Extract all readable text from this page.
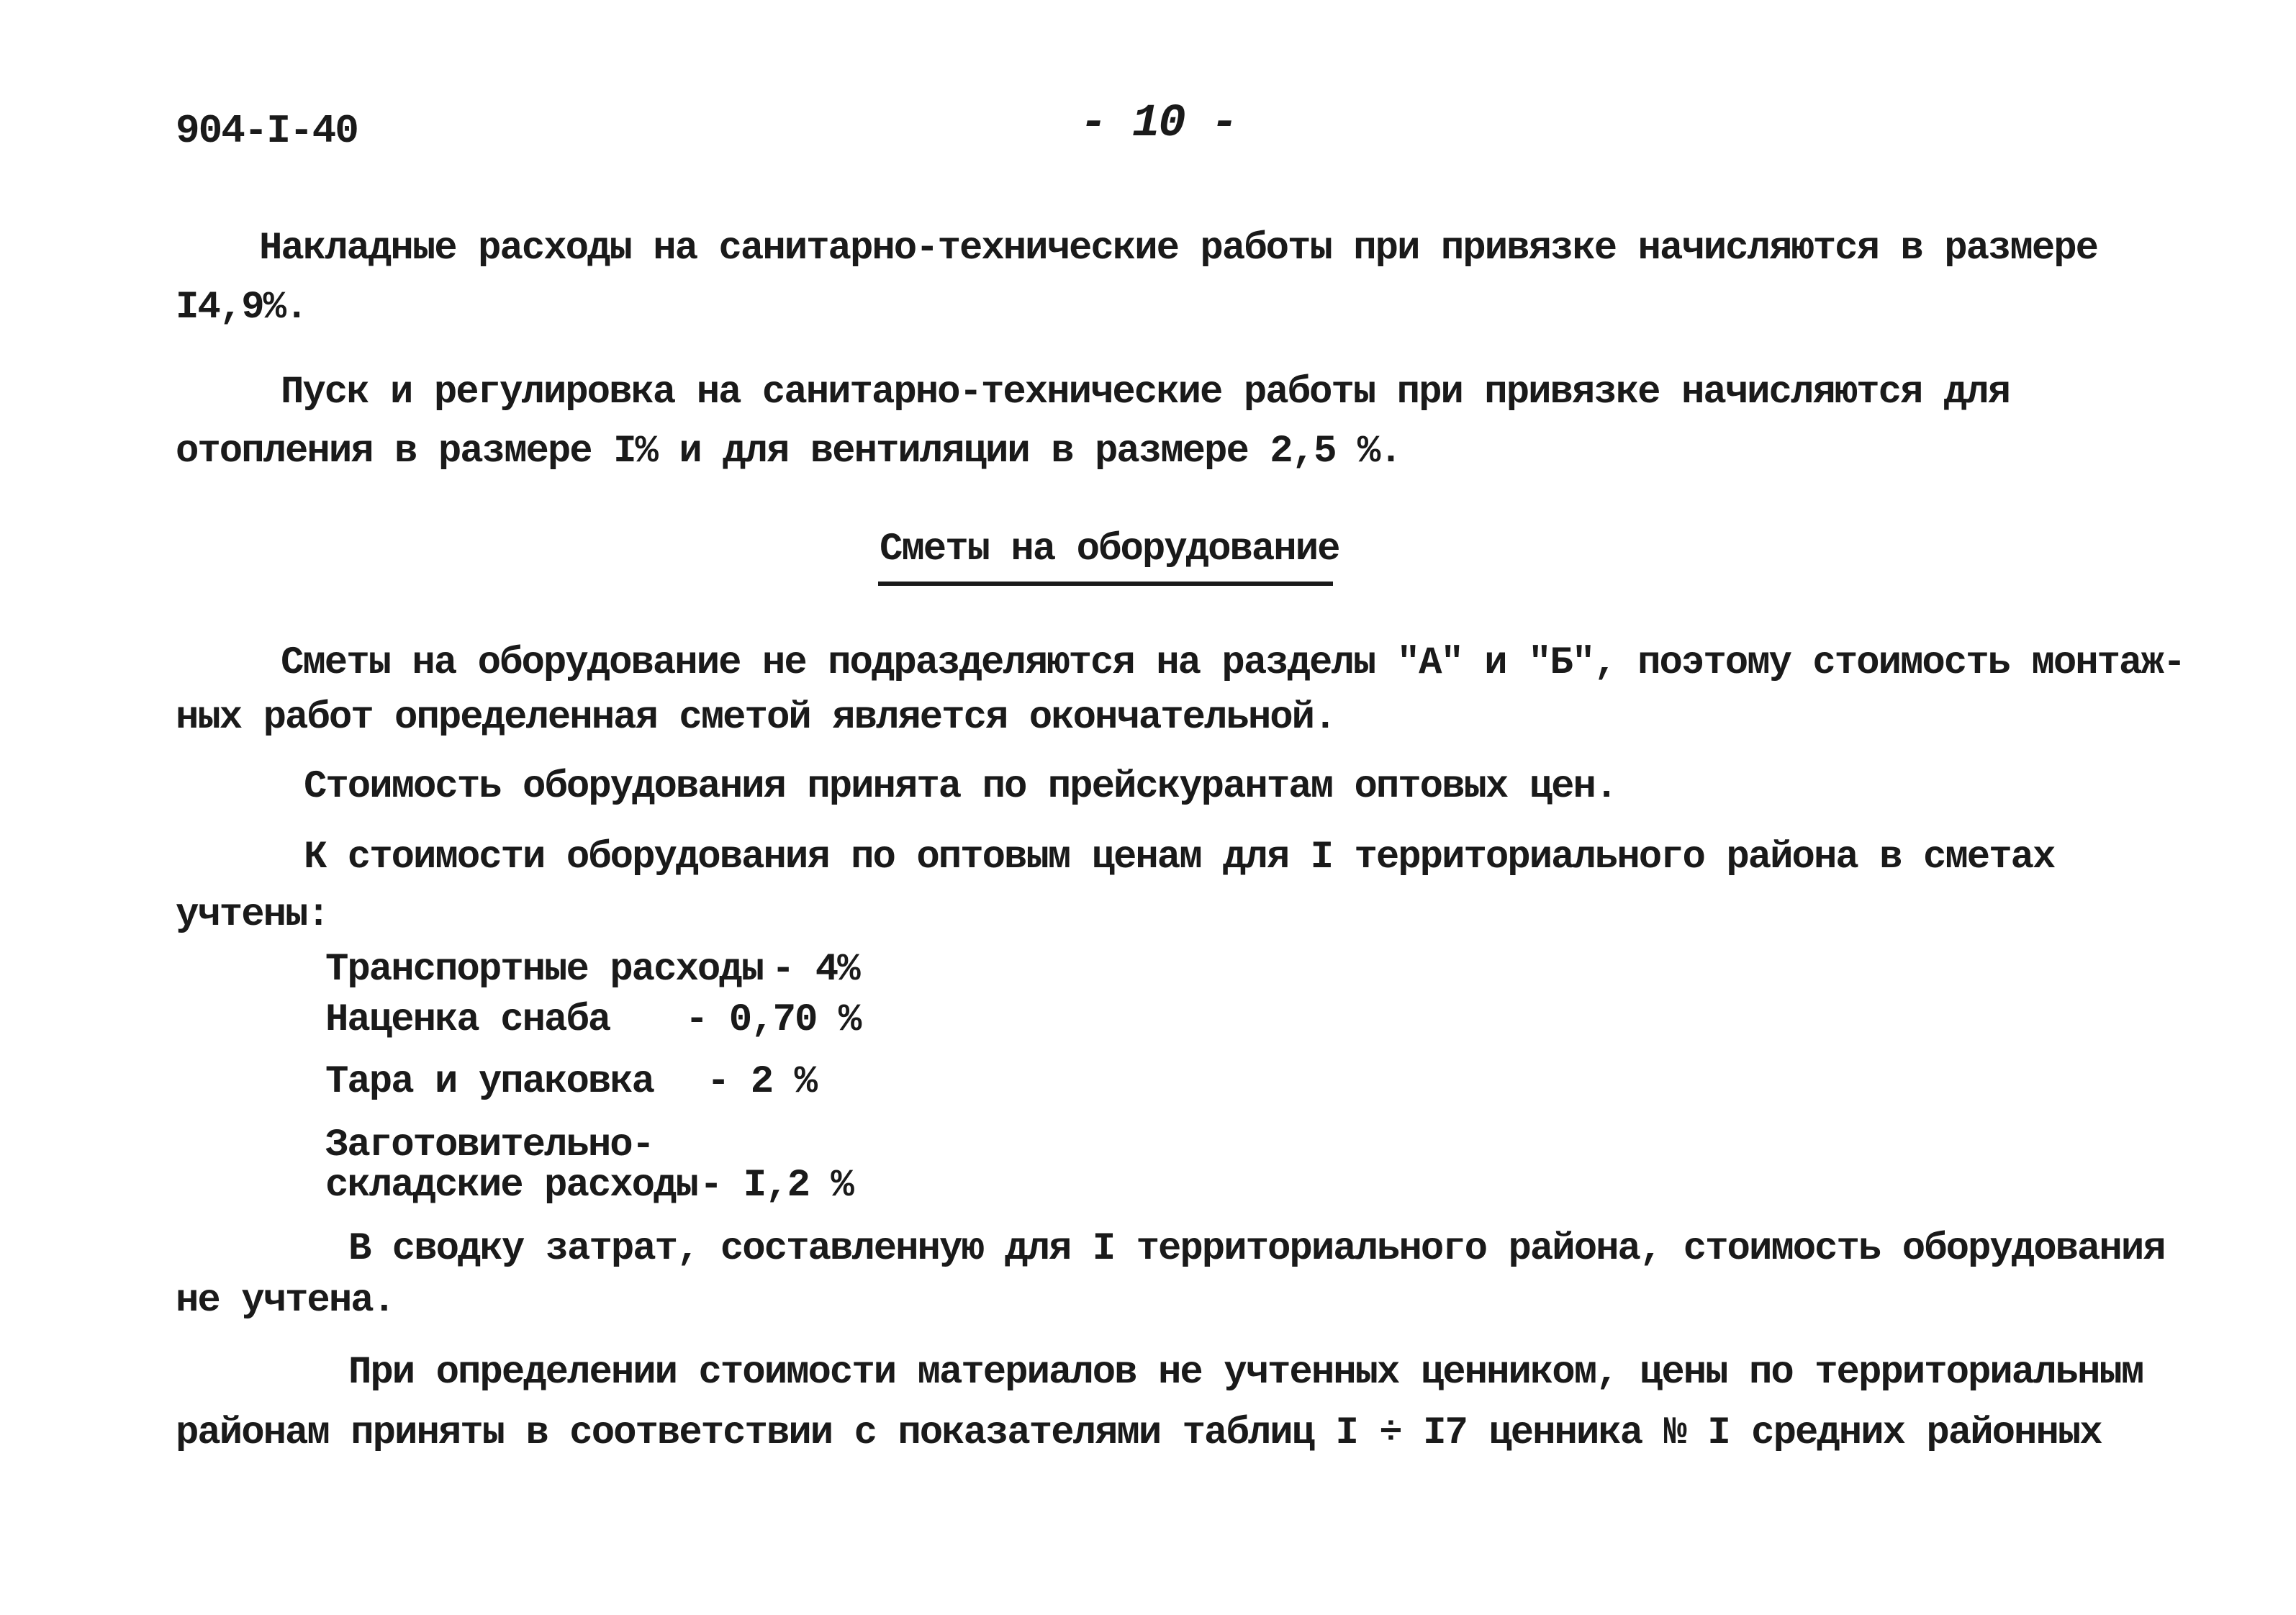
904-I-40	- 10 -
Накладные расходы на санитарно-технические работы при привязке начисляются в размере
I4,9%.
Пуск и регулировка на санитарно-технические работы при привязке начисляются для
отопления в размере I% и для вентиляции в размере 2,5 %.
Сметы на оборудование
Сметы на оборудование не подразделяются на разделы "А" и "Б", поэтому стоимость монтаж-
ных работ определенная сметой является окончательной.
Стоимость оборудования принята по прейскурантам оптовых цен.
К стоимости оборудования по оптовым ценам для I территориального района в сметах
учтены:
Транспортные расходы - 4%
Наценка снаба - 0,70 %
Тара и упаковка - 2 %
Заготовительно-
складские расходы - I,2 %
В сводку затрат, составленную для I территориального района, стоимость оборудования
не учтена.
При определении стоимости материалов не учтенных ценником, цены по территориальным
районам приняты в соответствии с показателями таблиц I ÷ I7 ценника № I средних районных
